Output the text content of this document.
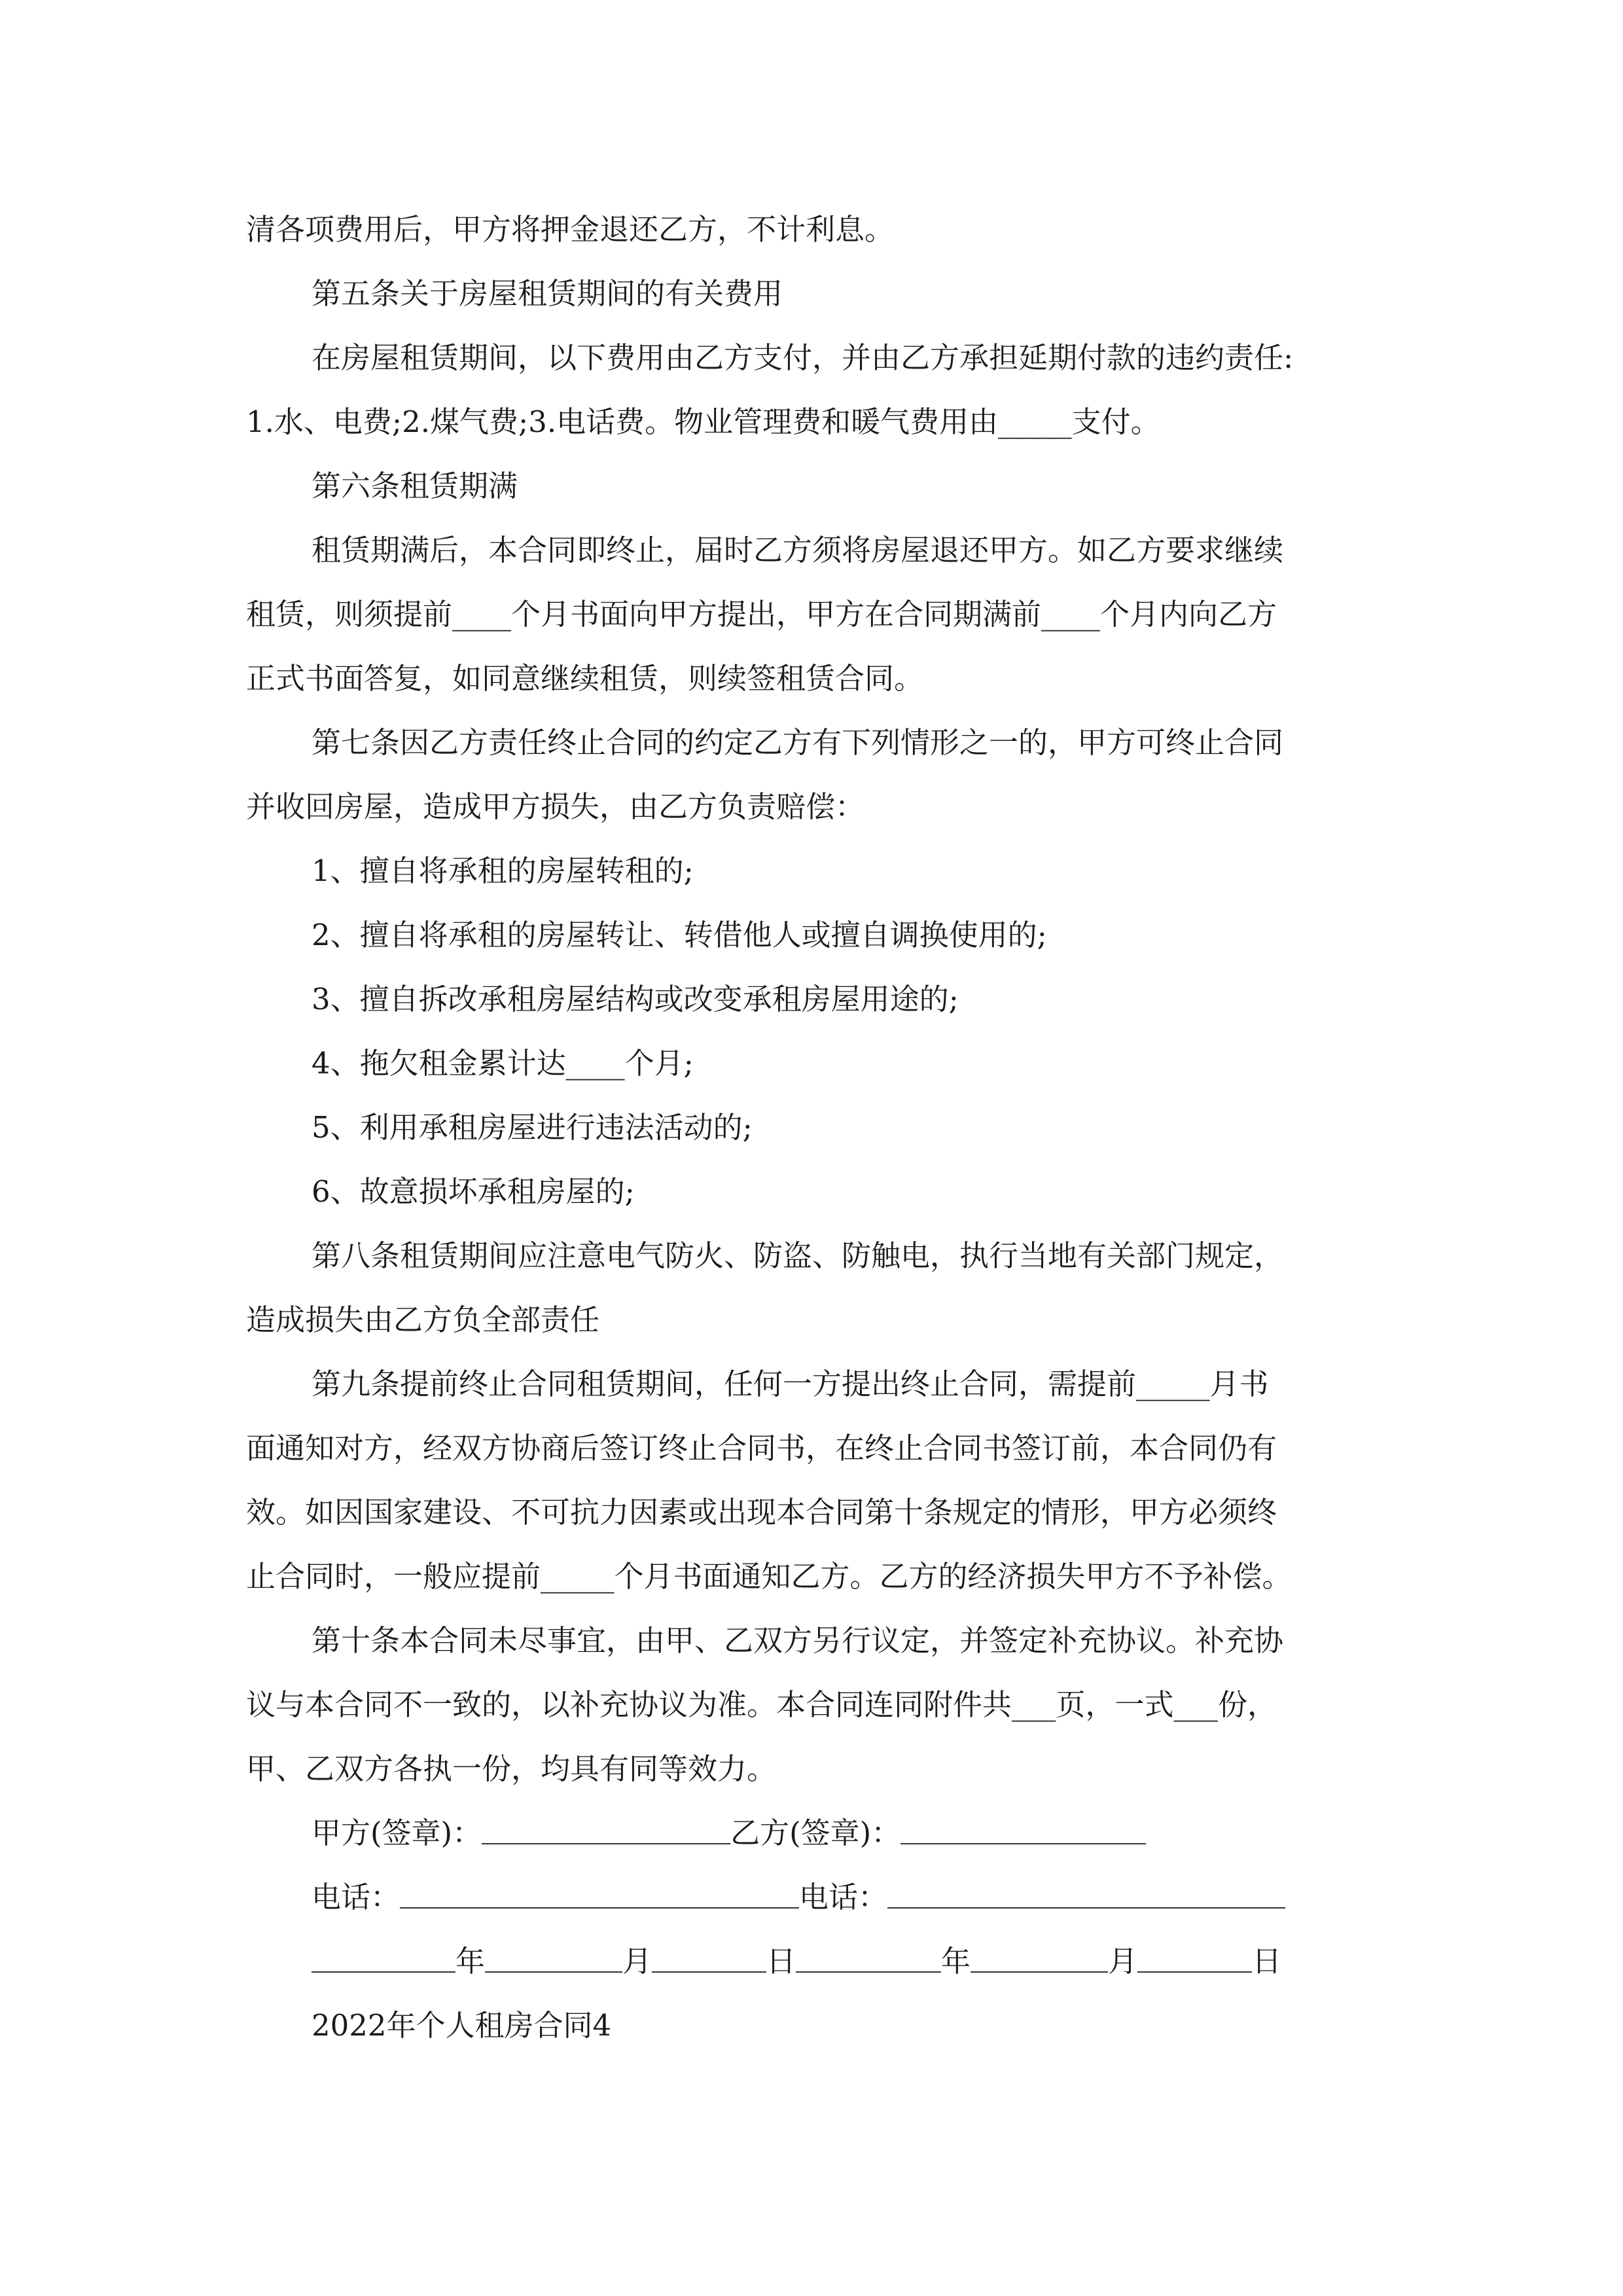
清各项费用后，甲方将押金退还乙方，不计利息。
第五条关于房屋租赁期间的有关费用
在房屋租赁期间，以下费用由乙方支付，并由乙方承担延期付款的违约责任:
1.水、电费;2.煤气费;3.电话费。物业管理费和暖气费用由_____支付。
第六条租赁期满
租赁期满后，本合同即终止，届时乙方须将房屋退还甲方。如乙方要求继续
租赁，则须提前____个月书面向甲方提出，甲方在合同期满前____个月内向乙方
正式书面答复，如同意继续租赁，则续签租赁合同。
第七条因乙方责任终止合同的约定乙方有下列情形之一的，甲方可终止合同
并收回房屋，造成甲方损失，由乙方负责赔偿：
1、擅自将承租的房屋转租的;
2、擅自将承租的房屋转让、转借他人或擅自调换使用的;
3、擅自拆改承租房屋结构或改变承租房屋用途的;
4、拖欠租金累计达____个月;
5、利用承租房屋进行违法活动的;
6、故意损坏承租房屋的;
第八条租赁期间应注意电气防火、防盗、防触电，执行当地有关部门规定，
造成损失由乙方负全部责任
第九条提前终止合同租赁期间，任何一方提出终止合同，需提前_____月书
面通知对方，经双方协商后签订终止合同书，在终止合同书签订前，本合同仍有
效。如因国家建设、不可抗力因素或出现本合同第十条规定的情形，甲方必须终
止合同时，一般应提前_____个月书面通知乙方。乙方的经济损失甲方不予补偿。
第十条本合同未尽事宜，由甲、乙双方另行议定，并签定补充协议。补充协
议与本合同不一致的，以补充协议为准。本合同连同附件共___页，一式___份，
甲、乙双方各执一份，均具有同等效力。
甲方(签章)：	乙方(签章)：
电话：	电话：
年	月	日	年	月	日
2022年个人租房合同4
